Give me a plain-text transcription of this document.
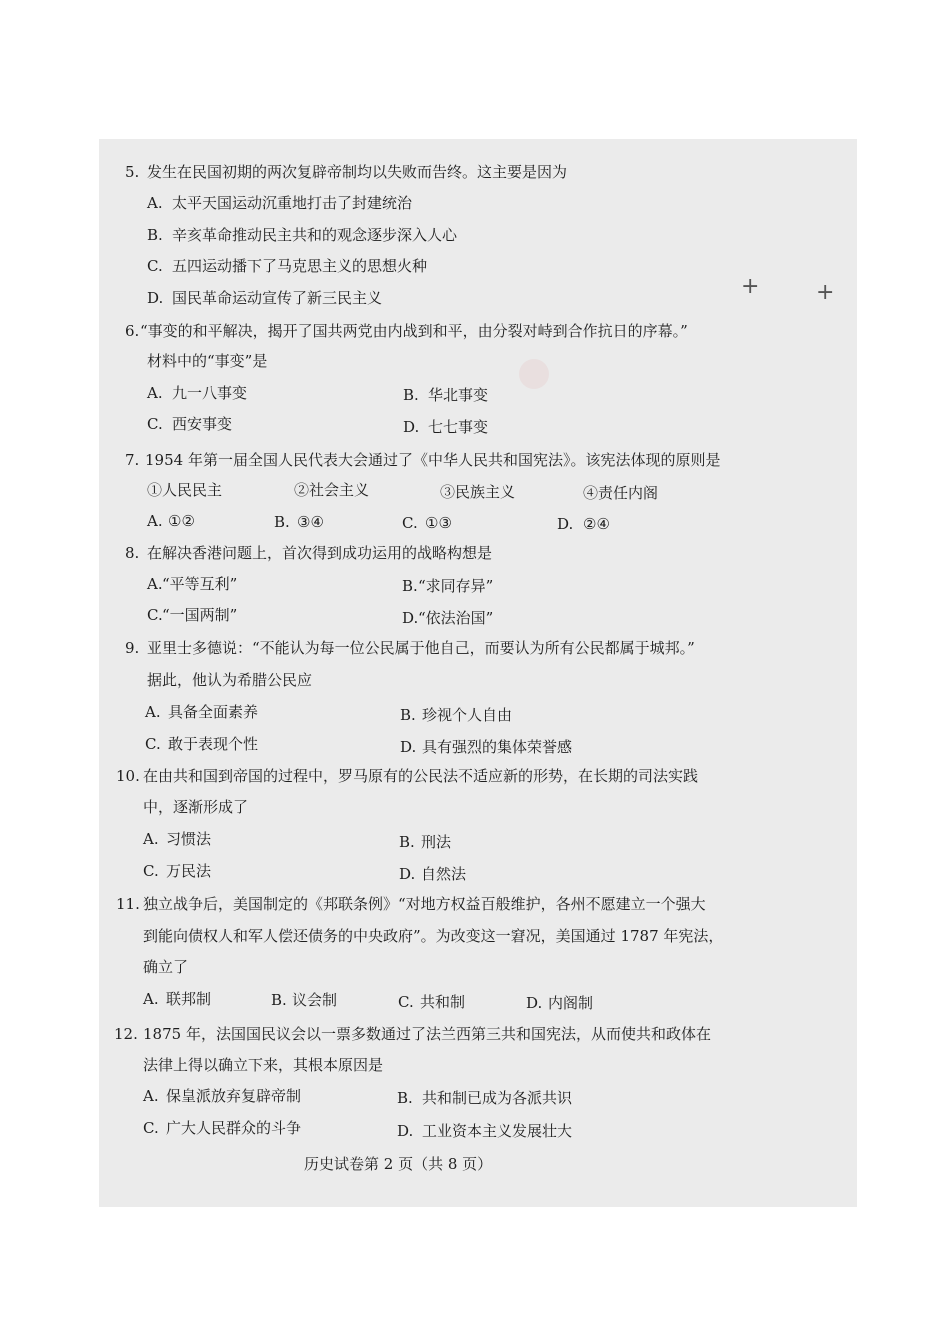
+	+
5. 发生在民国初期的两次复辟帝制均以失败而告终。这主要是因为
A. 太平天国运动沉重地打击了封建统治
B. 辛亥革命推动民主共和的观念逐步深入人心
C. 五四运动播下了马克思主义的思想火种
D. 国民革命运动宣传了新三民主义
6. “事变的和平解决，揭开了国共两党由内战到和平，由分裂对峙到合作抗日的序幕。”
材料中的“事变”是
A. 九一八事变	B. 华北事变
C. 西安事变	D. 七七事变
7. 1954 年第一届全国人民代表大会通过了《中华人民共和国宪法》。该宪法体现的原则是
①人民民主	②社会主义	③民族主义	④责任内阁
A. ①②	B. ③④	C. ①③	D. ②④
8. 在解决香港问题上，首次得到成功运用的战略构想是
A. “平等互利”	B. “求同存异”
C. “一国两制”	D. “依法治国”
9. 亚里士多德说：“不能认为每一位公民属于他自己，而要认为所有公民都属于城邦。”
据此，他认为希腊公民应
A. 具备全面素养	B. 珍视个人自由
C. 敢于表现个性	D. 具有强烈的集体荣誉感
10. 在由共和国到帝国的过程中，罗马原有的公民法不适应新的形势，在长期的司法实践
中，逐渐形成了
A. 习惯法	B. 刑法
C. 万民法	D. 自然法
11. 独立战争后，美国制定的《邦联条例》“对地方权益百般维护，各州不愿建立一个强大
到能向债权人和军人偿还债务的中央政府”。为改变这一窘况，美国通过 1787 年宪法，
确立了
A. 联邦制	B. 议会制	C. 共和制	D. 内阁制
12. 1875 年，法国国民议会以一票多数通过了法兰西第三共和国宪法，从而使共和政体在
法律上得以确立下来，其根本原因是
A. 保皇派放弃复辟帝制	B. 共和制已成为各派共识
C. 广大人民群众的斗争	D. 工业资本主义发展壮大
历史试卷第 2 页（共 8 页）
